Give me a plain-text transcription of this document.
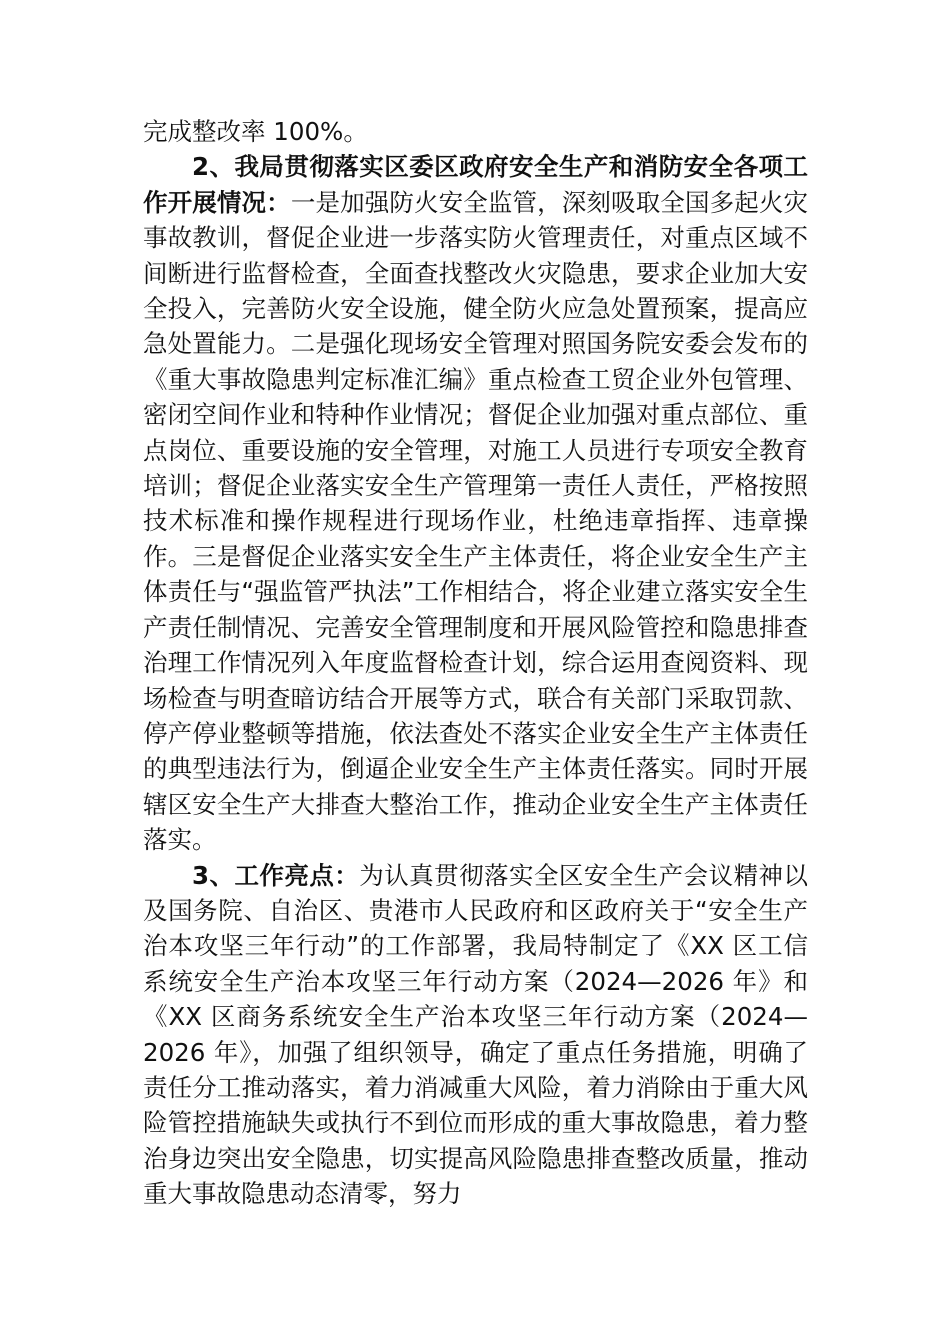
完成整改率 100%。

2、我局贯彻落实区委区政府安全生产和消防安全各项工作开展情况：一是加强防火安全监管，深刻吸取全国多起火灾事故教训，督促企业进一步落实防火管理责任，对重点区域不间断进行监督检查，全面查找整改火灾隐患，要求企业加大安全投入，完善防火安全设施，健全防火应急处置预案，提高应急处置能力。二是强化现场安全管理对照国务院安委会发布的《重大事故隐患判定标准汇编》重点检查工贸企业外包管理、密闭空间作业和特种作业情况；督促企业加强对重点部位、重点岗位、重要设施的安全管理，对施工人员进行专项安全教育培训；督促企业落实安全生产管理第一责任人责任，严格按照技术标准和操作规程进行现场作业，杜绝违章指挥、违章操作。三是督促企业落实安全生产主体责任，将企业安全生产主体责任与“强监管严执法”工作相结合，将企业建立落实安全生产责任制情况、完善安全管理制度和开展风险管控和隐患排查治理工作情况列入年度监督检查计划，综合运用查阅资料、现场检查与明查暗访结合开展等方式，联合有关部门采取罚款、停产停业整顿等措施，依法查处不落实企业安全生产主体责任的典型违法行为，倒逼企业安全生产主体责任落实。同时开展辖区安全生产大排查大整治工作，推动企业安全生产主体责任落实。

3、工作亮点：为认真贯彻落实全区安全生产会议精神以及国务院、自治区、贵港市人民政府和区政府关于“安全生产治本攻坚三年行动”的工作部署，我局特制定了《XX 区工信系统安全生产治本攻坚三年行动方案（2024—2026 年》和《XX 区商务系统安全生产治本攻坚三年行动方案（2024—2026 年》，加强了组织领导，确定了重点任务措施，明确了责任分工推动落实，着力消减重大风险，着力消除由于重大风险管控措施缺失或执行不到位而形成的重大事故隐患，着力整治身边突出安全隐患，切实提高风险隐患排查整改质量，推动重大事故隐患动态清零，努力
